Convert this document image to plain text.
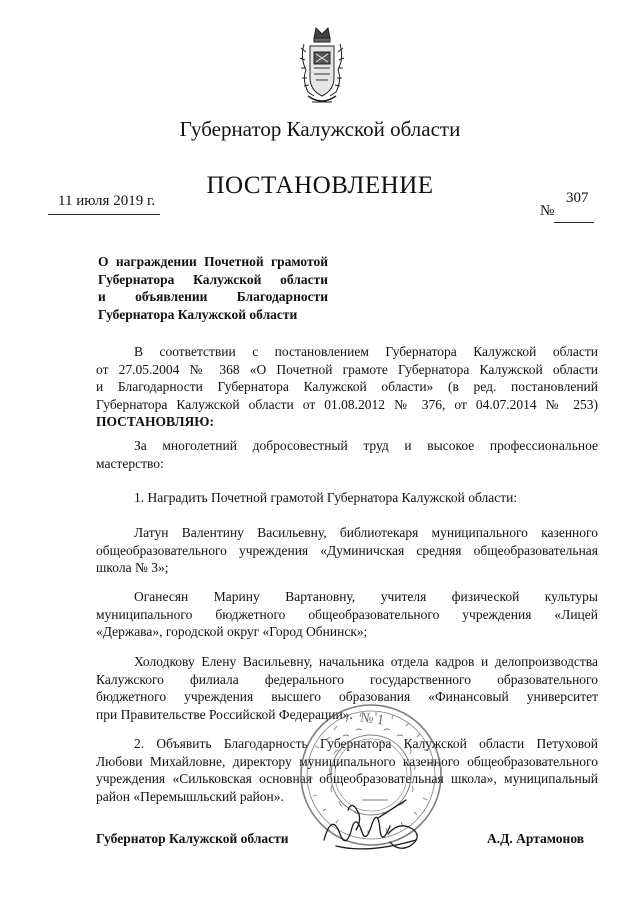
Губернатор Калужской области
ПОСТАНОВЛЕНИЕ
11 июля 2019 г.
№
307
О награждении Почетной грамотой
Губернатора Калужской области
и объявлении Благодарности
Губернатора Калужской области
В соответствии с постановлением Губернатора Калужской области
от 27.05.2004 № 368 «О Почетной грамоте Губернатора Калужской области
и Благодарности Губернатора Калужской области» (в ред. постановлений
Губернатора Калужской области от 01.08.2012 № 376, от 04.07.2014 № 253)
ПОСТАНОВЛЯЮ:
За многолетний добросовестный труд и высокое профессиональное
мастерство:
1. Наградить Почетной грамотой Губернатора Калужской области:
Латун Валентину Васильевну, библиотекаря муниципального казенного
общеобразовательного учреждения «Думиничская средняя общеобразовательная
школа № 3»;
Оганесян Марину Вартановну, учителя физической культуры
муниципального бюджетного общеобразовательного учреждения «Лицей
«Держава», городской округ «Город Обнинск»;
Холодкову Елену Васильевну, начальника отдела кадров и делопроизводства
Калужского филиала федерального государственного образовательного
бюджетного учреждения высшего образования «Финансовый университет
при Правительстве Российской Федерации».
2. Объявить Благодарность Губернатора Калужской области Петуховой
Любови Михайловне, директору муниципального казенного общеобразовательного
учреждения «Сильковская основная общеобразовательная школа», муниципальный
район «Перемышльский район».
№ 1
Губернатор Калужской области	А.Д. Артамонов
